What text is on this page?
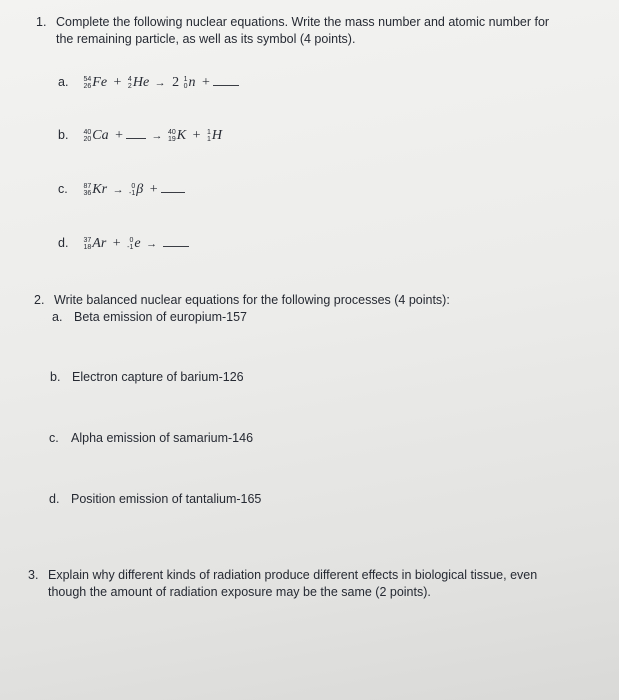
1. Complete the following nuclear equations. Write the mass number and atomic number for the remaining particle, as well as its symbol (4 points).
a. 54
26 Fe + 4
2 He → 2 1
0 n +
b. 40
20 Ca +	→ 40
19 K + 1
1 H
c. 87
36 Kr →	0
-1 β +
d. 37
18 Ar +	0
-1 e →
2. Write balanced nuclear equations for the following processes (4 points):
a. Beta emission of europium-157
b. Electron capture of barium-126
c. Alpha emission of samarium-146
d. Position emission of tantalium-165
3. Explain why different kinds of radiation produce different effects in biological tissue, even though the amount of radiation exposure may be the same (2 points).
